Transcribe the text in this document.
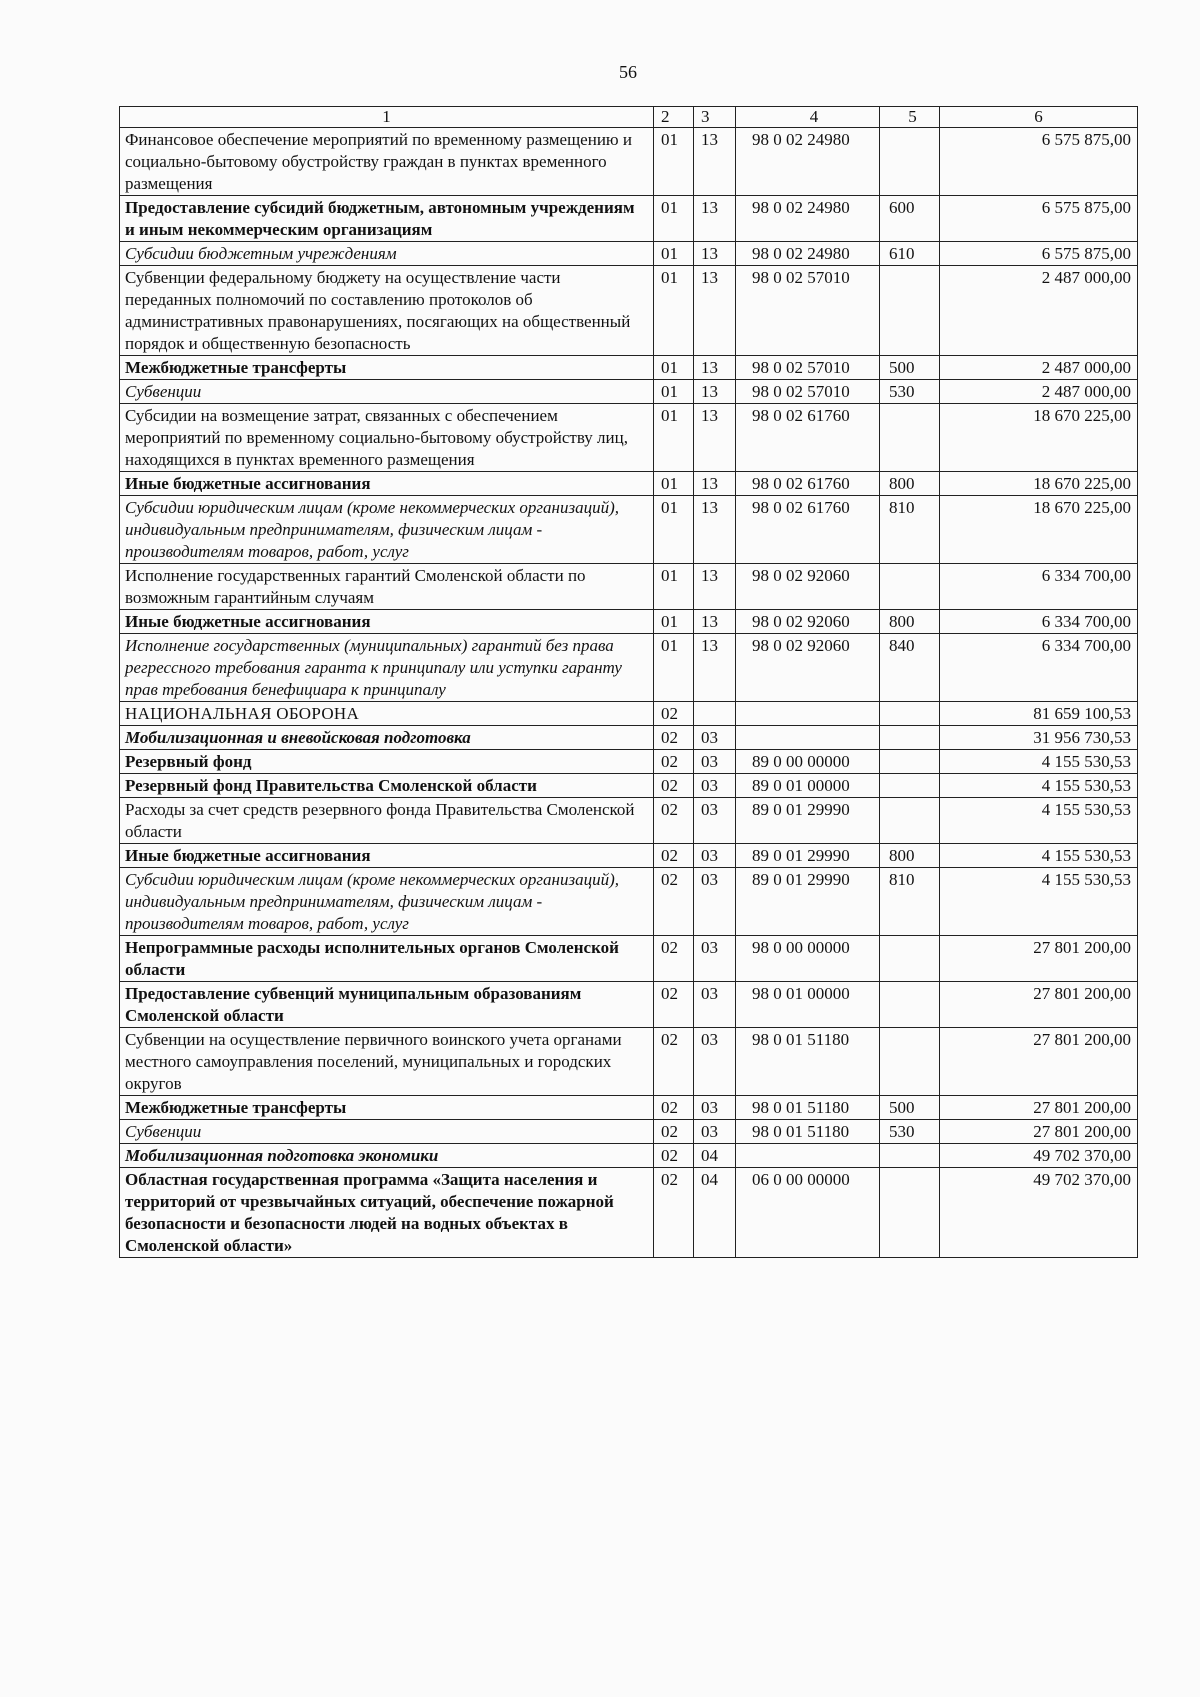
56
1	2	3	4	5	6
Финансовое обеспечение мероприятий по временному размещению и социально-бытовому обустройству граждан в пунктах временного размещения	01	13	98 0 02 24980		6 575 875,00
Предоставление субсидий бюджетным, автономным учреждениям и иным некоммерческим организациям	01	13	98 0 02 24980	600	6 575 875,00
Субсидии бюджетным учреждениям	01	13	98 0 02 24980	610	6 575 875,00
Субвенции федеральному бюджету на осуществление части переданных полномочий по составлению протоколов об административных правонарушениях, посягающих на общественный порядок и общественную безопасность	01	13	98 0 02 57010		2 487 000,00
Межбюджетные трансферты	01	13	98 0 02 57010	500	2 487 000,00
Субвенции	01	13	98 0 02 57010	530	2 487 000,00
Субсидии на возмещение затрат, связанных с обеспечением мероприятий по временному социально-бытовому обустройству лиц, находящихся в пунктах временного размещения	01	13	98 0 02 61760		18 670 225,00
Иные бюджетные ассигнования	01	13	98 0 02 61760	800	18 670 225,00
Субсидии юридическим лицам (кроме некоммерческих организаций), индивидуальным предпринимателям, физическим лицам - производителям товаров, работ, услуг	01	13	98 0 02 61760	810	18 670 225,00
Исполнение государственных гарантий Смоленской области по возможным гарантийным случаям	01	13	98 0 02 92060		6 334 700,00
Иные бюджетные ассигнования	01	13	98 0 02 92060	800	6 334 700,00
Исполнение государственных (муниципальных) гарантий без права регрессного требования гаранта к принципалу или уступки гаранту прав требования бенефициара к принципалу	01	13	98 0 02 92060	840	6 334 700,00
НАЦИОНАЛЬНАЯ ОБОРОНА	02				81 659 100,53
Мобилизационная и вневойсковая подготовка	02	03			31 956 730,53
Резервный фонд	02	03	89 0 00 00000		4 155 530,53
Резервный фонд Правительства Смоленской области	02	03	89 0 01 00000		4 155 530,53
Расходы за счет средств резервного фонда Правительства Смоленской области	02	03	89 0 01 29990		4 155 530,53
Иные бюджетные ассигнования	02	03	89 0 01 29990	800	4 155 530,53
Субсидии юридическим лицам (кроме некоммерческих организаций), индивидуальным предпринимателям, физическим лицам - производителям товаров, работ, услуг	02	03	89 0 01 29990	810	4 155 530,53
Непрограммные расходы исполнительных органов Смоленской области	02	03	98 0 00 00000		27 801 200,00
Предоставление субвенций муниципальным образованиям Смоленской области	02	03	98 0 01 00000		27 801 200,00
Субвенции на осуществление первичного воинского учета органами местного самоуправления поселений, муниципальных и городских округов	02	03	98 0 01 51180		27 801 200,00
Межбюджетные трансферты	02	03	98 0 01 51180	500	27 801 200,00
Субвенции	02	03	98 0 01 51180	530	27 801 200,00
Мобилизационная подготовка экономики	02	04			49 702 370,00
Областная государственная программа «Защита населения и территорий от чрезвычайных ситуаций, обеспечение пожарной безопасности и безопасности людей на водных объектах в Смоленской области»	02	04	06 0 00 00000		49 702 370,00
